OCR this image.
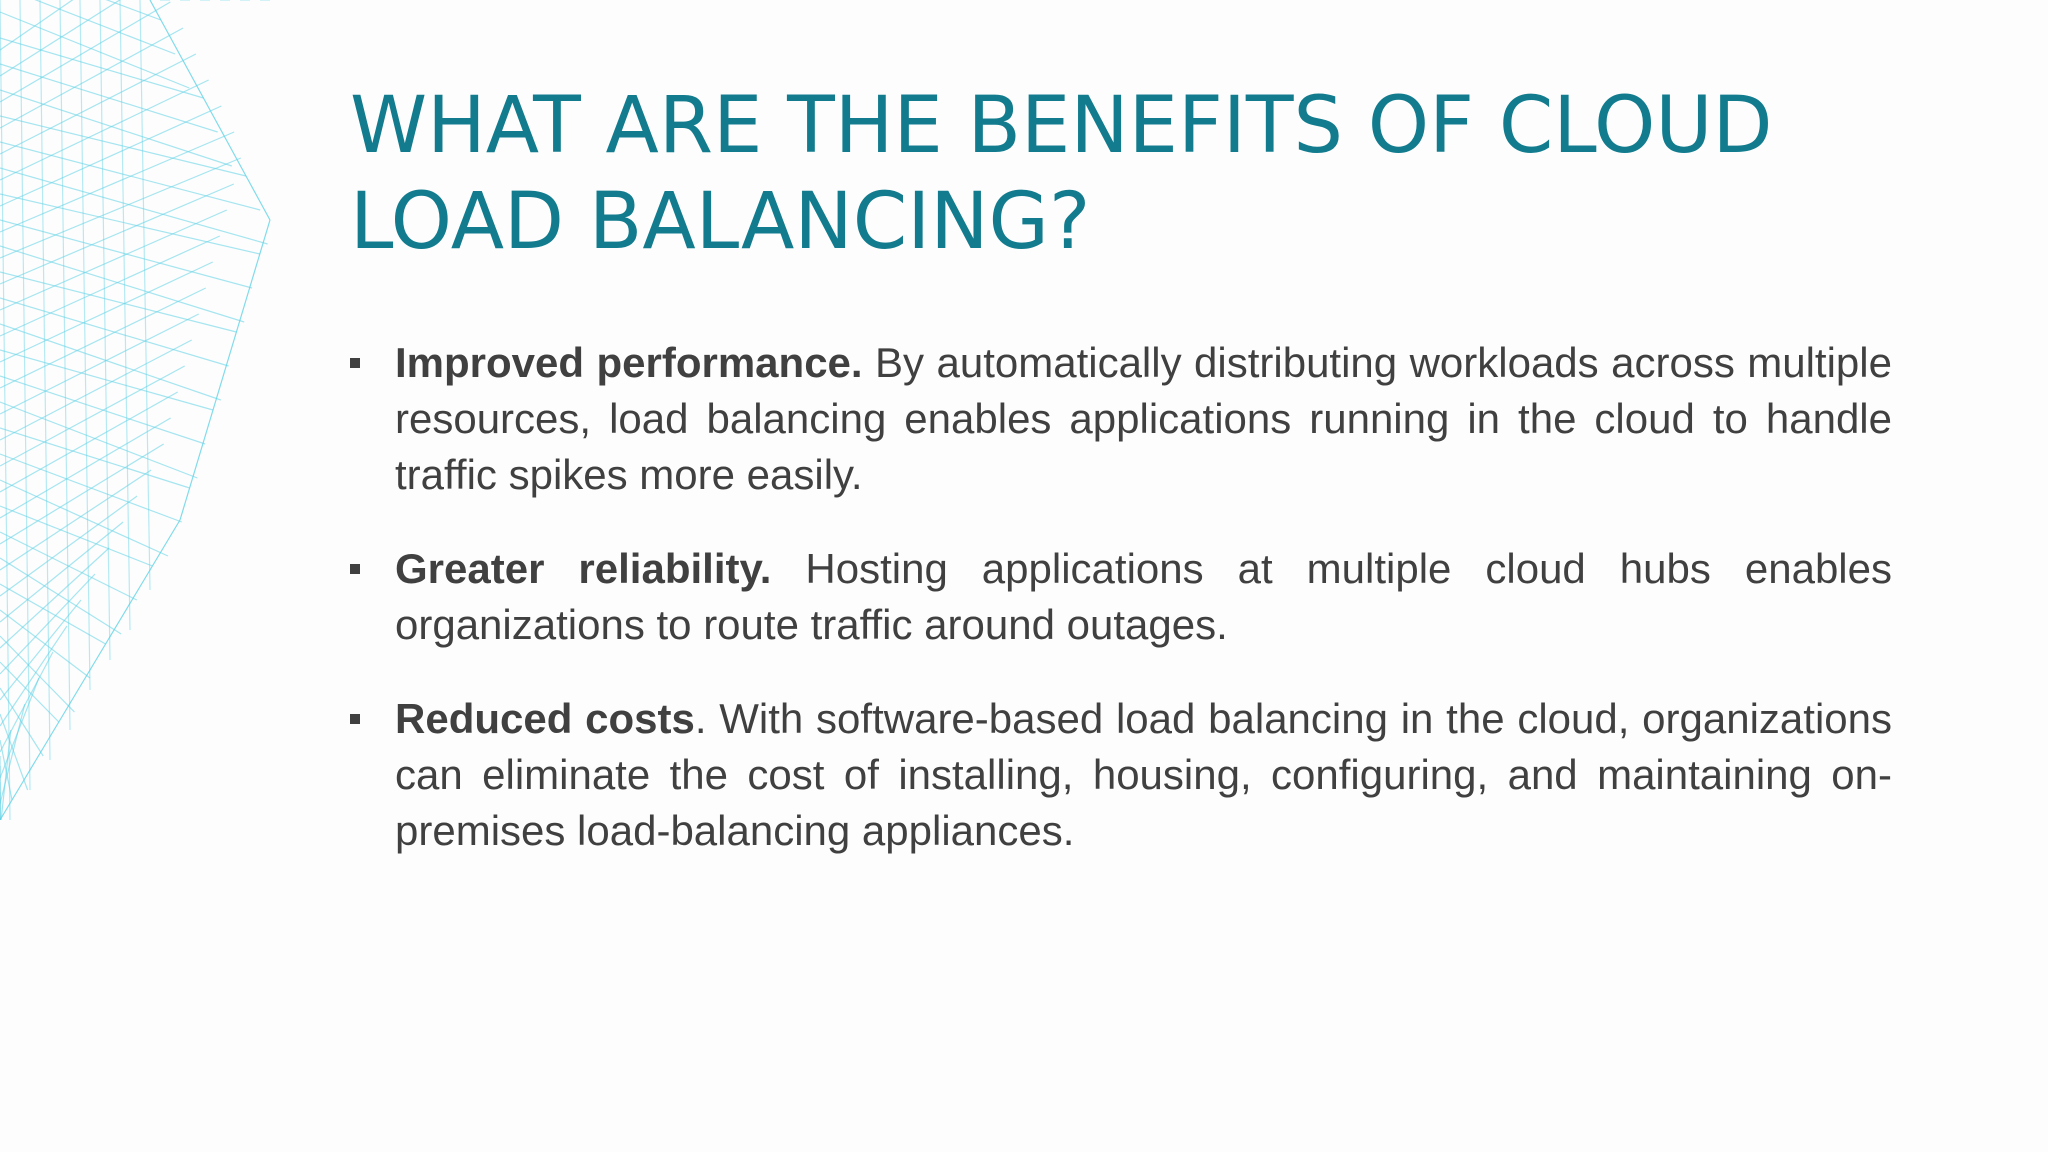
WHAT ARE THE BENEFITS OF CLOUD LOAD BALANCING?
Improved performance. By automatically distributing workloads across multiple resources, load balancing enables applications running in the cloud to handle traffic spikes more easily.
Greater reliability. Hosting applications at multiple cloud hubs enables organizations to route traffic around outages.
Reduced costs. With software-based load balancing in the cloud, organizations can eliminate the cost of installing, housing, configuring, and maintaining on-premises load-balancing appliances.
